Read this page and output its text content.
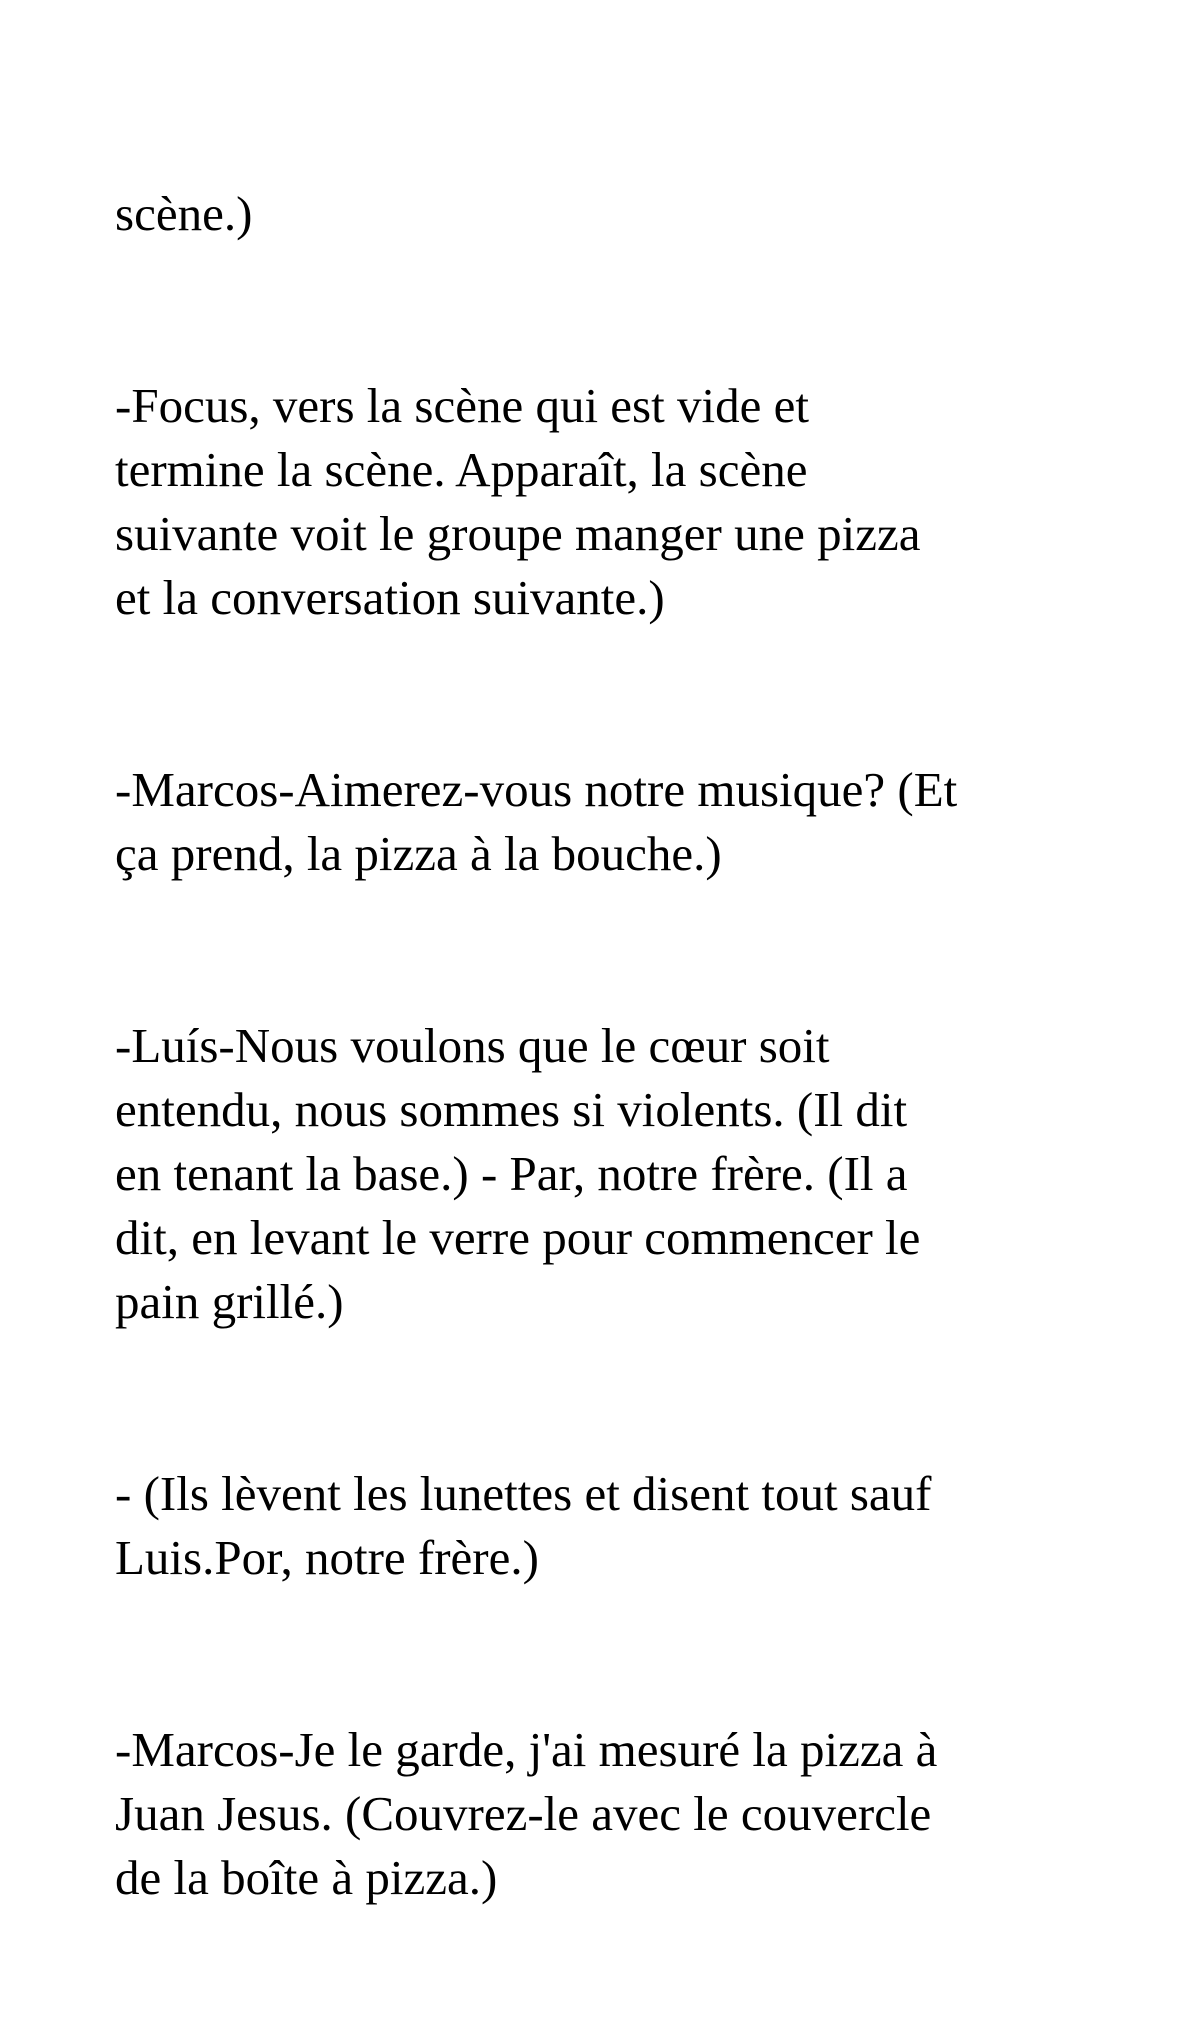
scène.)

-Focus, vers la scène qui est vide et
termine la scène. Apparaît, la scène
suivante voit le groupe manger une pizza
et la conversation suivante.)

-Marcos-Aimerez-vous notre musique? (Et
ça prend, la pizza à la bouche.)

-Luís-Nous voulons que le cœur soit
entendu, nous sommes si violents. (Il dit
en tenant la base.) - Par, notre frère. (Il a
dit, en levant le verre pour commencer le
pain grillé.)

- (Ils lèvent les lunettes et disent tout sauf
Luis.Por, notre frère.)

-Marcos-Je le garde, j'ai mesuré la pizza à
Juan Jesus. (Couvrez-le avec le couvercle
de la boîte à pizza.)
